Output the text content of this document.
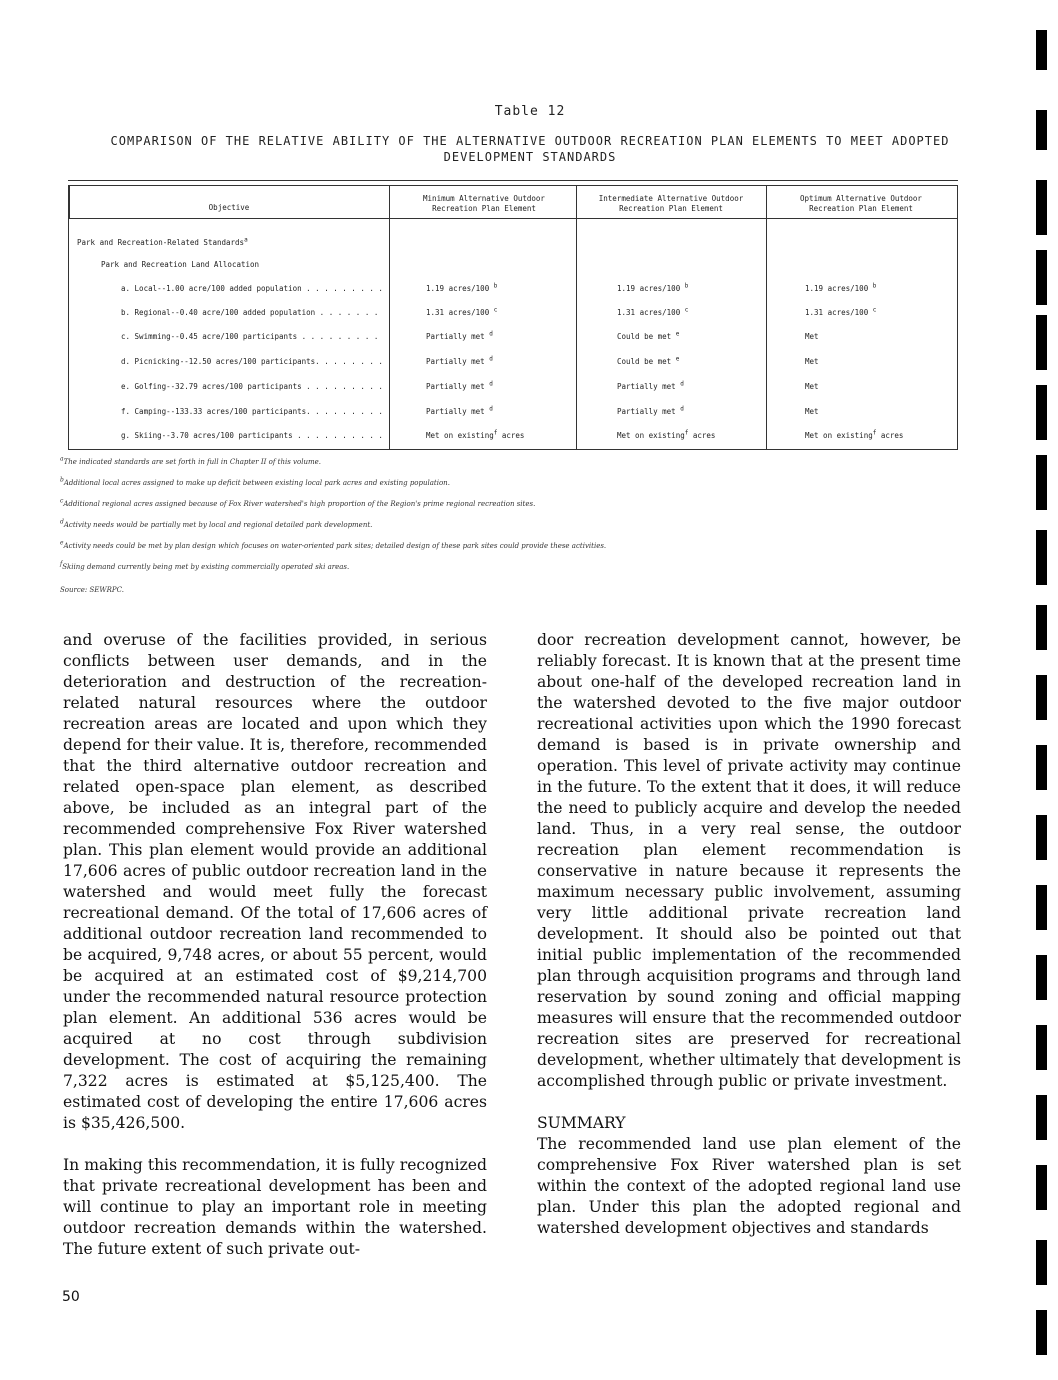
Table 12
COMPARISON OF THE RELATIVE ABILITY OF THE ALTERNATIVE OUTDOOR RECREATION PLAN ELEMENTS TO MEET ADOPTED DEVELOPMENT STANDARDS
Objective
Minimum Alternative Outdoor Recreation Plan Element
Intermediate Alternative Outdoor Recreation Plan Element
Optimum Alternative Outdoor Recreation Plan Element
Park and Recreation-Related Standards$^a$
Park and Recreation Land Allocation
a. Local--1.00 acre/100 added population . . . . . . . . .	1.19 acres/100 $^b$	1.19 acres/100 $^b$	1.19 acres/100 $^b$
b. Regional--0.40 acre/100 added population . . . . . . .	1.31 acres/100 $^c$	1.31 acres/100 $^c$	1.31 acres/100 $^c$
c. Swimming--0.45 acre/100 participants . . . . . . . . .	Partially met $^d$	Could be met $^e$	Met
d. Picnicking--12.50 acres/100 participants. . . . . . . .	Partially met $^d$	Could be met $^e$	Met
e. Golfing--32.79 acres/100 participants . . . . . . . . .	Partially met $^d$	Partially met $^d$	Met
f. Camping--133.33 acres/100 participants. . . . . . . . .	Partially met $^d$	Partially met $^d$	Met
g. Skiing--3.70 acres/100 participants . . . . . . . . . .	Met on existing$^f$ acres	Met on existing$^f$ acres	Met on existing$^f$ acres
$^a$The indicated standards are set forth in full in Chapter II of this volume.
$^b$Additional local acres assigned to make up deficit between existing local park acres and existing population.
$^c$Additional regional acres assigned because of Fox River watershed's high proportion of the Region's prime regional recreation sites.
$^d$Activity needs would be partially met by local and regional detailed park development.
$^e$Activity needs could be met by plan design which focuses on water-oriented park sites; detailed design of these park sites could provide these activities.
$^f$Skiing demand currently being met by existing commercially operated ski areas.
Source: SEWRPC.

and overuse of the facilities provided, in serious conflicts between user demands, and in the deterioration and destruction of the recreation-related natural resources where the outdoor recreation areas are located and upon which they depend for their value. It is, therefore, recommended that the third alternative outdoor recreation and related open-space plan element, as described above, be included as an integral part of the recommended comprehensive Fox River watershed plan. This plan element would provide an additional 17,606 acres of public outdoor recreation land in the watershed and would meet fully the forecast recreational demand. Of the total of 17,606 acres of additional outdoor recreation land recommended to be acquired, 9,748 acres, or about 55 percent, would be acquired at an estimated cost of $9,214,700 under the recommended natural resource protection plan element. An additional 536 acres would be acquired at no cost through subdivision development. The cost of acquiring the remaining 7,322 acres is estimated at $5,125,400. The estimated cost of developing the entire 17,606 acres is $35,426,500.

In making this recommendation, it is fully recognized that private recreational development has been and will continue to play an important role in meeting outdoor recreation demands within the watershed. The future extent of such private out-

door recreation development cannot, however, be reliably forecast. It is known that at the present time about one-half of the developed recreation land in the watershed devoted to the five major outdoor recreational activities upon which the 1990 forecast demand is based is in private ownership and operation. This level of private activity may continue in the future. To the extent that it does, it will reduce the need to publicly acquire and develop the needed land. Thus, in a very real sense, the outdoor recreation plan element recommendation is conservative in nature because it represents the maximum necessary public involvement, assuming very little additional private recreation land development. It should also be pointed out that initial public implementation of the recommended plan through acquisition programs and through land reservation by sound zoning and official mapping measures will ensure that the recommended outdoor recreation sites are preserved for recreational development, whether ultimately that development is accomplished through public or private investment.

SUMMARY

The recommended land use plan element of the comprehensive Fox River watershed plan is set within the context of the adopted regional land use plan. Under this plan the adopted regional and watershed development objectives and standards

50
